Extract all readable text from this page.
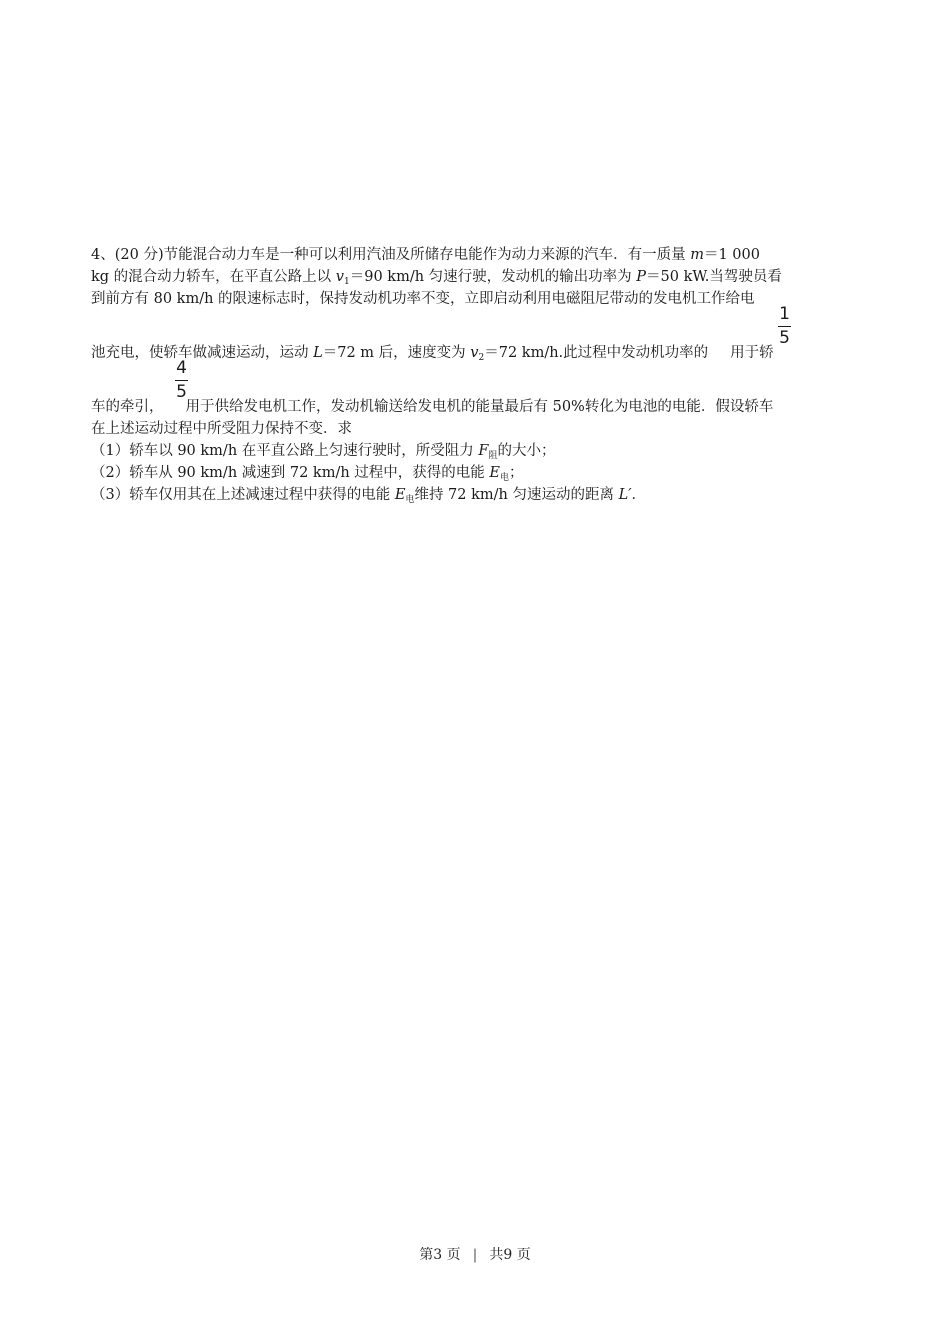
4、(20 分)节能混合动力车是一种可以利用汽油及所储存电能作为动力来源的汽车．有一质量 m＝1 000
kg 的混合动力轿车，在平直公路上以 $v_1=90$ km/h 匀速行驶，发动机的输出功率为 P＝50 kW.当驾驶员看
到前方有 80 km/h 的限速标志时，保持发动机功率不变，立即启动利用电磁阻尼带动的发电机工作给电
1
5
池充电，使轿车做减速运动，运动 L＝72 m 后，速度变为 $v_2=72$ km/h.此过程中发动机功率的 用于轿
4
5
车的牵引， 用于供给发电机工作，发动机输送给发电机的能量最后有 50%转化为电池的电能．假设轿车
在上述运动过程中所受阻力保持不变．求
（1）轿车以 90 km/h 在平直公路上匀速行驶时，所受阻力 $F_阻$的大小；
（2）轿车从 90 km/h 减速到 72 km/h 过程中，获得的电能 $E_电$；
（3）轿车仅用其在上述减速过程中获得的电能 $E_电$维持 72 km/h 匀速运动的距离 L′．
第3 页 | 共9 页
